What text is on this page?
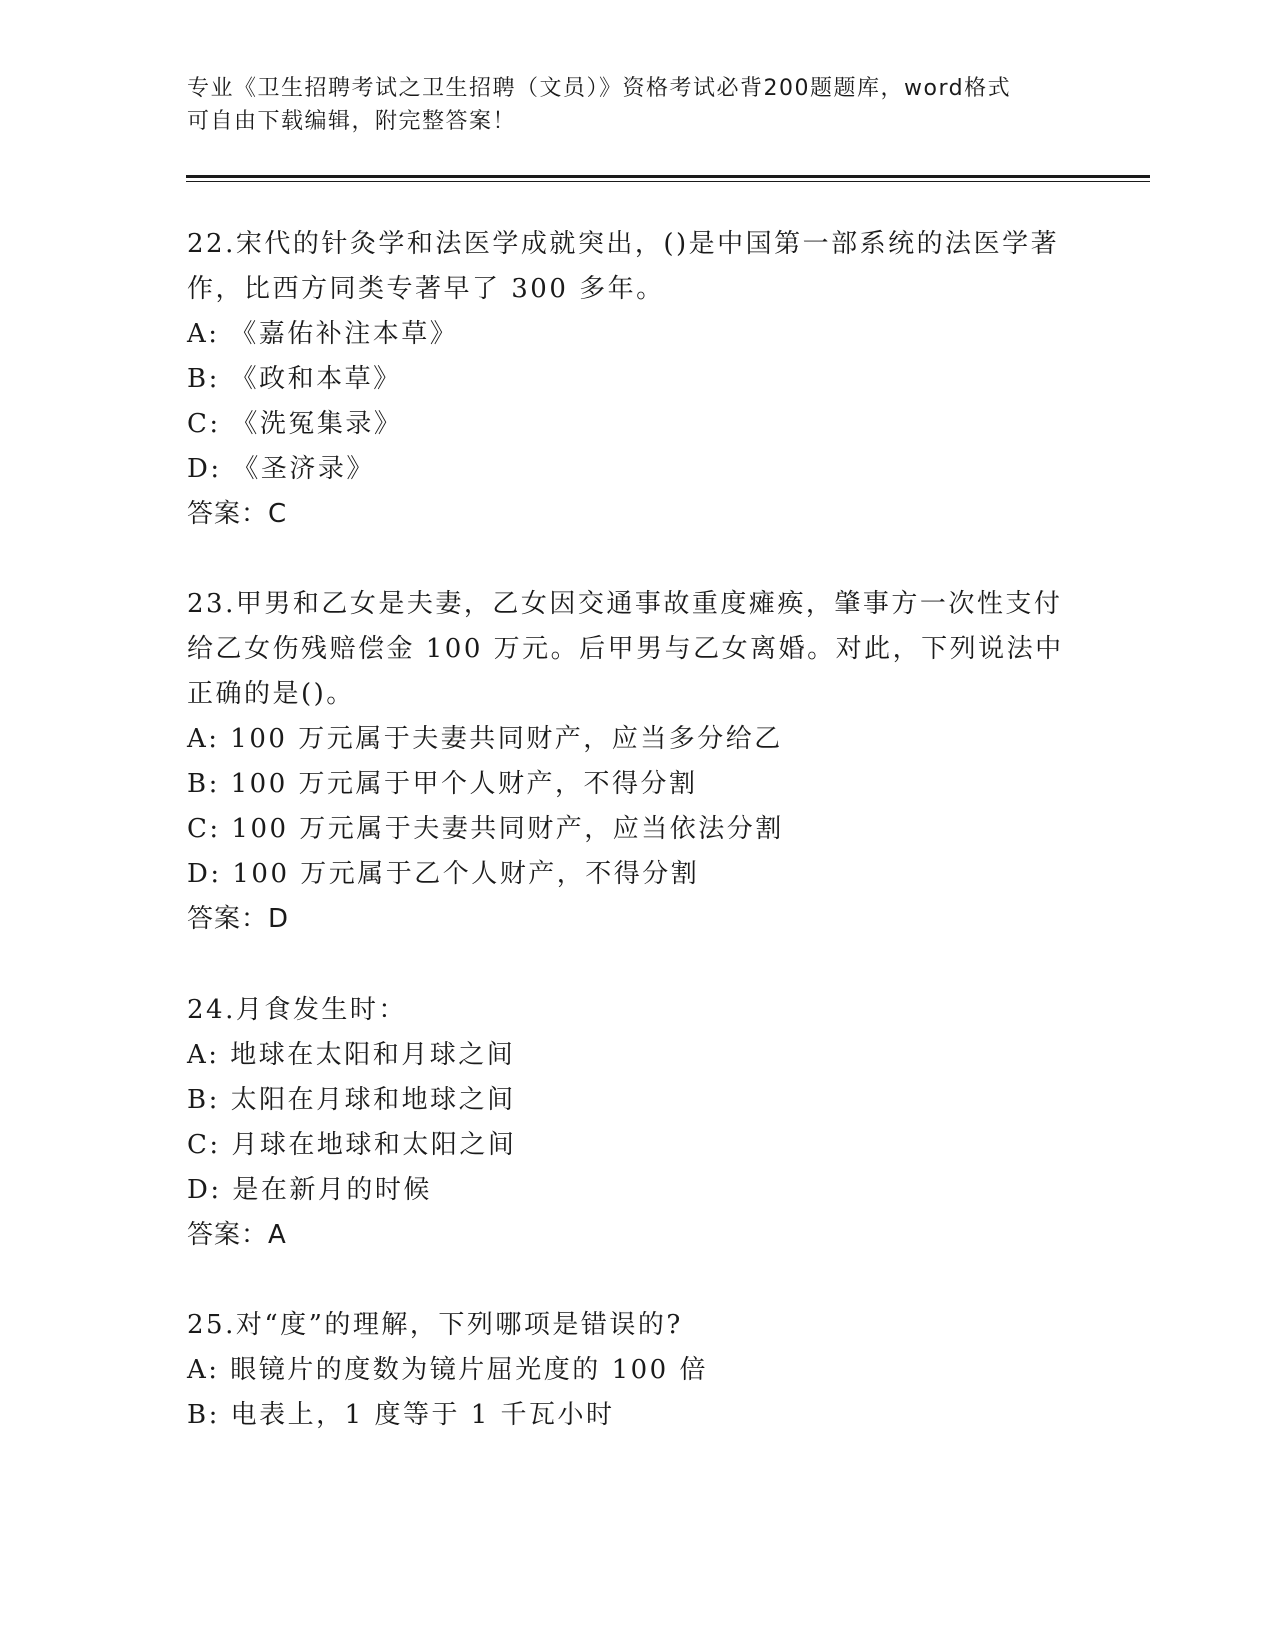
专业《卫生招聘考试之卫生招聘（文员）》资格考试必背200题题库，word格式
可自由下载编辑，附完整答案！
22.宋代的针灸学和法医学成就突出，()是中国第一部系统的法医学著
作，比西方同类专著早了 300 多年。
A: 《嘉佑补注本草》
B: 《政和本草》
C: 《洗冤集录》
D: 《圣济录》
答案：C
23.甲男和乙女是夫妻，乙女因交通事故重度瘫痪，肇事方一次性支付
给乙女伤残赔偿金 100 万元。后甲男与乙女离婚。对此，下列说法中
正确的是()。
A: 100 万元属于夫妻共同财产，应当多分给乙
B: 100 万元属于甲个人财产，不得分割
C: 100 万元属于夫妻共同财产，应当依法分割
D: 100 万元属于乙个人财产，不得分割
答案：D
24.月食发生时：
A: 地球在太阳和月球之间
B: 太阳在月球和地球之间
C: 月球在地球和太阳之间
D: 是在新月的时候
答案：A
25.对“度”的理解，下列哪项是错误的?
A: 眼镜片的度数为镜片屈光度的 100 倍
B: 电表上，1 度等于 1 千瓦小时
